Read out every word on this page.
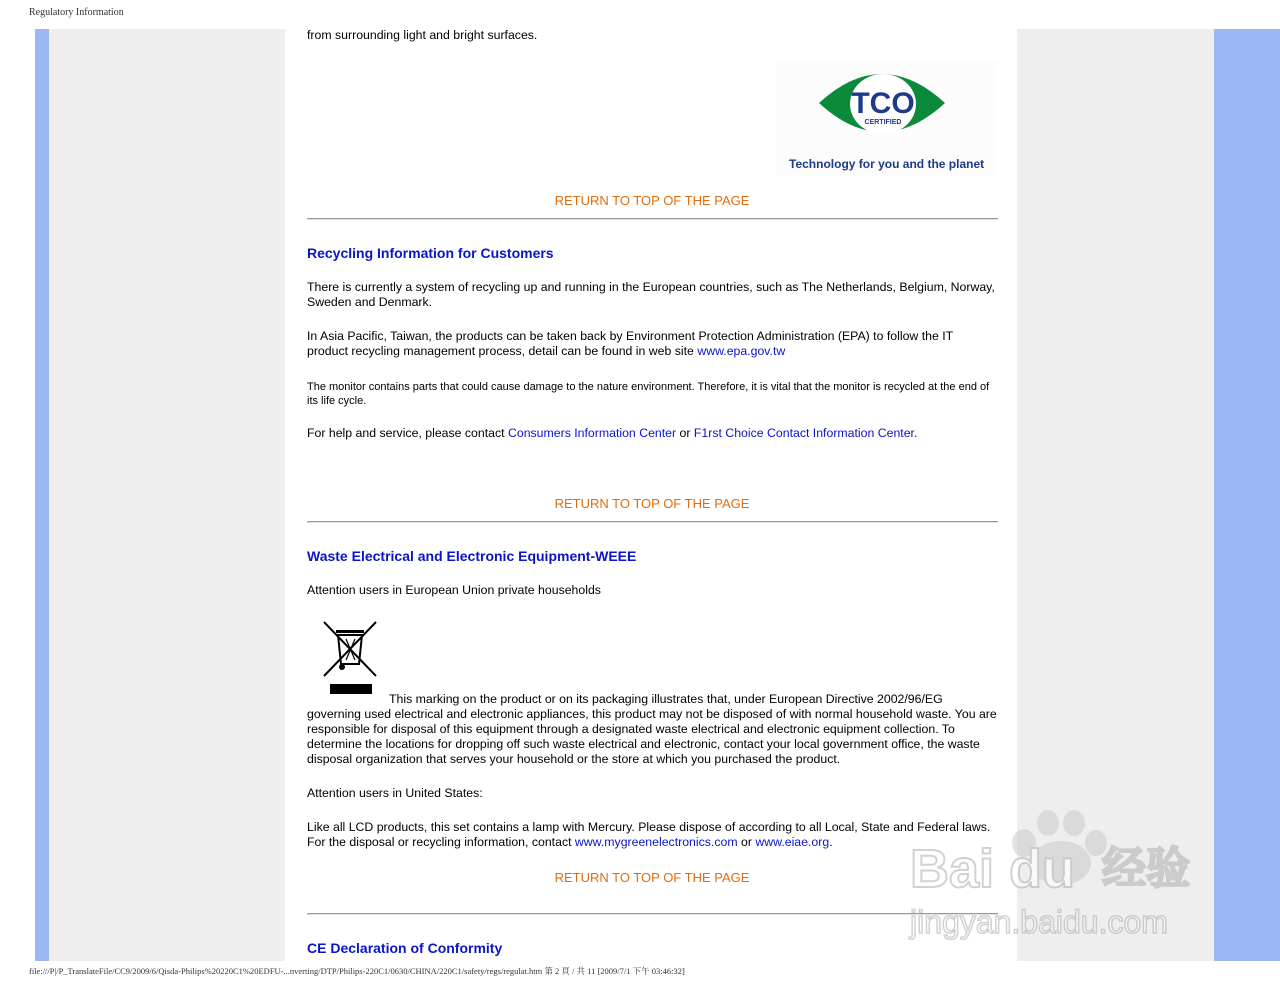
Regulatory Information
from surrounding light and bright surfaces.
TCO
CERTIFIED
Technology for you and the planet
RETURN TO TOP OF THE PAGE
Recycling Information for Customers
There is currently a system of recycling up and running in the European countries, such as The Netherlands, Belgium, Norway, Sweden and Denmark.
In Asia Pacific, Taiwan, the products can be taken back by Environment Protection Administration (EPA) to follow the IT product recycling management process, detail can be found in web site www.epa.gov.tw
The monitor contains parts that could cause damage to the nature environment. Therefore, it is vital that the monitor is recycled at the end of its life cycle.
For help and service, please contact Consumers Information Center or F1rst Choice Contact Information Center.
RETURN TO TOP OF THE PAGE
Waste Electrical and Electronic Equipment-WEEE
Attention users in European Union private households
This marking on the product or on its packaging illustrates that, under European Directive 2002/96/EG governing used electrical and electronic appliances, this product may not be disposed of with normal household waste. You are responsible for disposal of this equipment through a designated waste electrical and electronic equipment collection. To determine the locations for dropping off such waste electrical and electronic, contact your local government office, the waste disposal organization that serves your household or the store at which you purchased the product.
Attention users in United States:
Like all LCD products, this set contains a lamp with Mercury. Please dispose of according to all Local, State and Federal laws. For the disposal or recycling information, contact www.mygreenelectronics.com or www.eiae.org.
RETURN TO TOP OF THE PAGE
CE Declaration of Conformity
file:///P|/P_TranslateFile/CC9/2009/6/Qisda-Philips%20220C1%20EDFU-...nverting/DTP/Philips-220C1/0630/CHINA/220C1/safety/regs/regulat.htm 第 2 頁 / 共 11 [2009/7/1 下午 03:46:32]
Bai du 经验
jingyan.baidu.com
